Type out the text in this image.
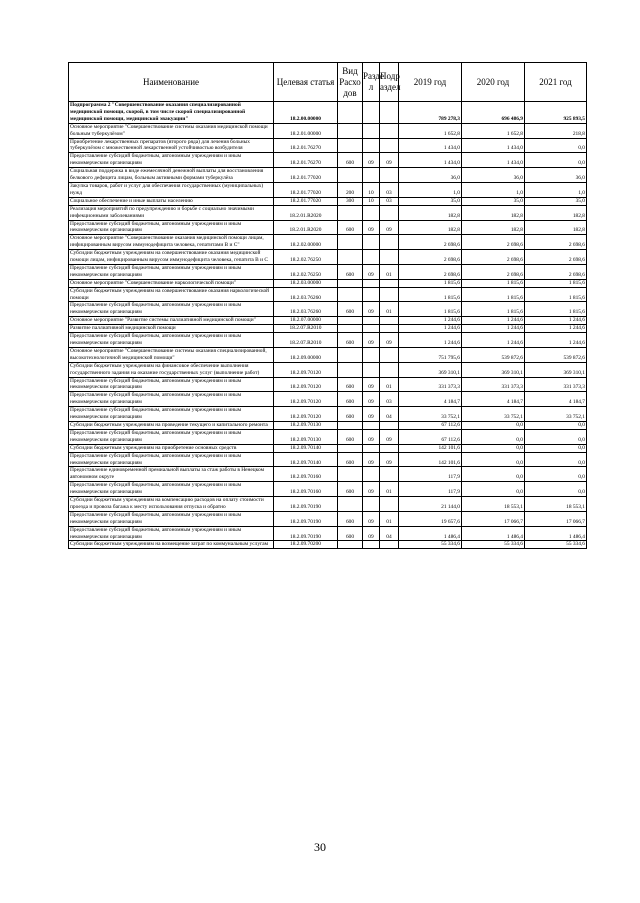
Наименование	Целевая статья	Вид Расхо дов	Разде л	Подр аздел	2019 год	2020 год	2021 год
Подпрограмма 2 "Совершенствование оказания специализированной медицинской помощи, скорой, в том числе скорой специализированной медицинской помощи, медицинской эвакуации"	18.2.00.00000				789 278,3	696 486,9	925 893,5
Основное мероприятие "Совершенствование системы оказания медицинской помощи больным туберкулёзом"	18.2.01.00000				1 652,8	1 652,8	218,8
Приобретение лекарственных препаратов (второго ряда) для лечения больных туберкулёзом с множественной лекарственной устойчивостью возбудителя	18.2.01.76270				1 434,0	1 434,0	0,0
Предоставление субсидий бюджетным, автономным учреждениям и иным некоммерческим организациям	18.2.01.76270	600	09	09	1 434,0	1 434,0	0,0
Социальная поддержка в виде ежемесячной денежной выплаты для восстановления белкового дефицита лицам, больным активными формами туберкулёза	18.2.01.77020				36,0	36,0	36,0
Закупка товаров, работ и услуг для обеспечения государственных (муниципальных) нужд	18.2.01.77020	200	10	03	1,0	1,0	1,0
Социальное обеспечение и иные выплаты населению	18.2.01.77020	300	10	03	35,0	35,0	35,0
Реализация мероприятий по предупреждению и борьбе с социально значимыми инфекционными заболеваниями	18.2.01.R2020				182,8	182,8	182,8
Предоставление субсидий бюджетным, автономным учреждениям и иным некоммерческим организациям	18.2.01.R2020	600	09	09	182,8	182,8	182,8
Основное мероприятие "Совершенствование оказания медицинской помощи лицам, инфицированным вирусом иммунодефицита человека, гепатитами В и С"	18.2.02.00000				2 698,6	2 698,6	2 698,6
Субсидии бюджетным учреждениям на совершенствование оказания медицинской помощи лицам, инфицированным вирусом иммунодефицита человека, гепатита В и С	18.2.02.76250				2 698,6	2 698,6	2 698,6
Предоставление субсидий бюджетным, автономным учреждениям и иным некоммерческим организациям	18.2.02.76250	600	09	01	2 698,6	2 698,6	2 698,6
Основное мероприятие "Совершенствование наркологической помощи"	18.2.03.00000				1 815,6	1 815,6	1 815,6
Субсидии бюджетным учреждениям на совершенствование оказания наркологической помощи	18.2.03.76260				1 815,6	1 815,6	1 815,6
Предоставление субсидий бюджетным, автономным учреждениям и иным некоммерческим организациям	18.2.03.76260	600	09	01	1 815,6	1 815,6	1 815,6
Основное мероприятие "Развитие системы паллиативной медицинской помощи"	18.2.07.00000				1 244,6	1 244,6	1 244,6
Развитие паллиативной медицинской помощи	18.2.07.R2010				1 244,6	1 244,6	1 244,6
Предоставление субсидий бюджетным, автономным учреждениям и иным некоммерческим организациям	18.2.07.R2010	600	09	09	1 244,6	1 244,6	1 244,6
Основное мероприятие "Совершенствование системы оказания специализированной, высокотехнологичной медицинской помощи"	18.2.09.00000				751 795,6	539 872,6	539 872,6
Субсидии бюджетным учреждениям на финансовое обеспечение выполнения государственного задания на оказание государственных услуг (выполнение работ)	18.2.09.70120				369 310,1	369 310,1	369 310,1
Предоставление субсидий бюджетным, автономным учреждениям и иным некоммерческим организациям	18.2.09.70120	600	09	01	331 373,3	331 373,3	331 373,3
Предоставление субсидий бюджетным, автономным учреждениям и иным некоммерческим организациям	18.2.09.70120	600	09	03	4 184,7	4 184,7	4 184,7
Предоставление субсидий бюджетным, автономным учреждениям и иным некоммерческим организациям	18.2.09.70120	600	09	04	33 752,1	33 752,1	33 752,1
Субсидии бюджетным учреждениям на проведение текущего и капитального ремонта	18.2.09.70130				67 112,6	0,0	0,0
Предоставление субсидий бюджетным, автономным учреждениям и иным некоммерческим организациям	18.2.09.70130	600	09	09	67 112,6	0,0	0,0
Субсидии бюджетным учреждениям на приобретение основных средств	18.2.09.70140				142 101,6	0,0	0,0
Предоставление субсидий бюджетным, автономным учреждениям и иным некоммерческим организациям	18.2.09.70140	600	09	09	142 101,6	0,0	0,0
Предоставление единовременной премиальной выплаты за стаж работы в Ненецком автономном округе	18.2.09.70160				117,9	0,0	0,0
Предоставление субсидий бюджетным, автономным учреждениям и иным некоммерческим организациям	18.2.09.70160	600	09	01	117,9	0,0	0,0
Субсидии бюджетным учреждениям на компенсацию расходов на оплату стоимости проезда и провоза багажа к месту использования отпуска и обратно	18.2.09.70190				21 144,0	18 553,1	18 553,1
Предоставление субсидий бюджетным, автономным учреждениям и иным некоммерческим организациям	18.2.09.70190	600	09	01	19 657,6	17 066,7	17 066,7
Предоставление субсидий бюджетным, автономным учреждениям и иным некоммерческим организациям	18.2.09.70190	600	09	04	1 486,4	1 486,4	1 486,4
Субсидии бюджетным учреждениям на возмещение затрат по коммунальным услугам	18.2.09.70200				55 334,6	55 334,6	55 334,6
30
